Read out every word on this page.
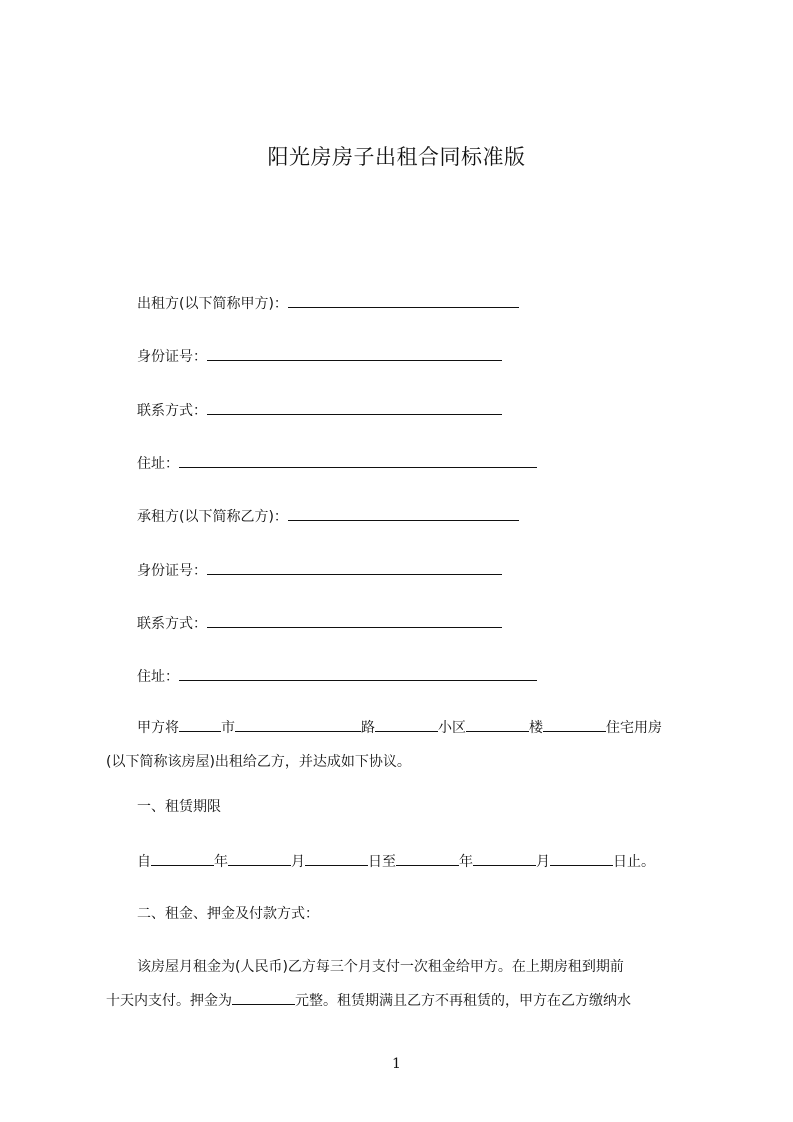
阳光房房子出租合同标准版
出租方(以下简称甲方)：
身份证号：
联系方式：
住址：
承租方(以下简称乙方)：
身份证号：
联系方式：
住址：
甲方将	市	路	小区	楼	住宅用房
(以下简称该房屋)出租给乙方，并达成如下协议。
一、租赁期限
自	年	月	日至	年	月	日止。
二、租金、押金及付款方式：
该房屋月租金为(人民币)乙方每三个月支付一次租金给甲方。在上期房租到期前
十天内支付。押金为	元整。租赁期满且乙方不再租赁的，甲方在乙方缴纳水
1
